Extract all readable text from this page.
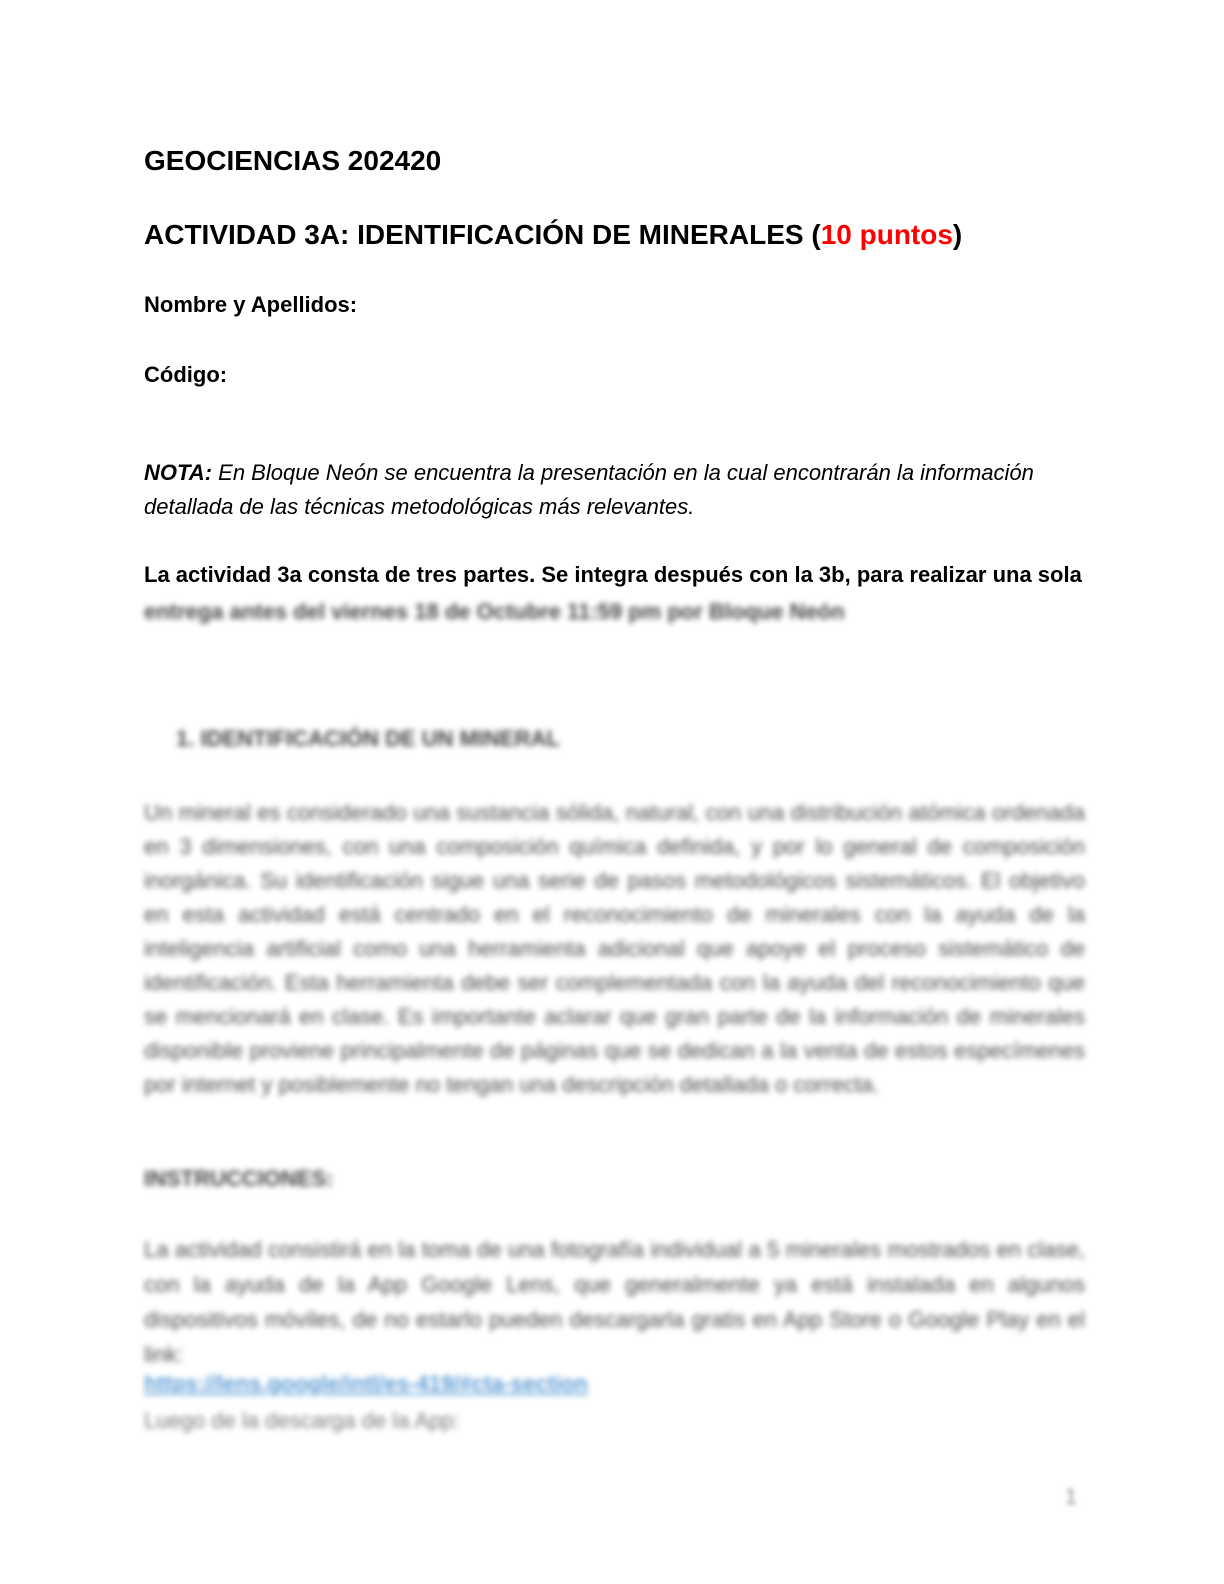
GEOCIENCIAS 202420
ACTIVIDAD 3A: IDENTIFICACIÓN DE MINERALES (10 puntos)
Nombre y Apellidos:
Código:
NOTA: En Bloque Neón se encuentra la presentación en la cual encontrarán la información
detallada de las técnicas metodológicas más relevantes.
La actividad 3a consta de tres partes. Se integra después con la 3b, para realizar una sola
entrega antes del viernes 18 de Octubre 11:59 pm por Bloque Neón
1. IDENTIFICACIÓN DE UN MINERAL
Un mineral es considerado una sustancia sólida, natural, con una distribución atómica ordenada en 3 dimensiones, con una composición química definida, y por lo general de composición inorgánica. Su identificación sigue una serie de pasos metodológicos sistemáticos. El objetivo en esta actividad está centrado en el reconocimiento de minerales con la ayuda de la inteligencia artificial como una herramienta adicional que apoye el proceso sistemático de identificación. Esta herramienta debe ser complementada con la ayuda del reconocimiento que se mencionará en clase. Es importante aclarar que gran parte de la información de minerales disponible proviene principalmente de páginas que se dedican a la venta de estos especímenes por internet y posiblemente no tengan una descripción detallada o correcta.
INSTRUCCIONES:
La actividad consistirá en la toma de una fotografía individual a 5 minerales mostrados en clase, con la ayuda de la App Google Lens, que generalmente ya está instalada en algunos dispositivos móviles, de no estarlo pueden descargarla gratis en App Store o Google Play en el link:
https://lens.google/intl/es-419/#cta-section
Luego de la descarga de la App:
1
